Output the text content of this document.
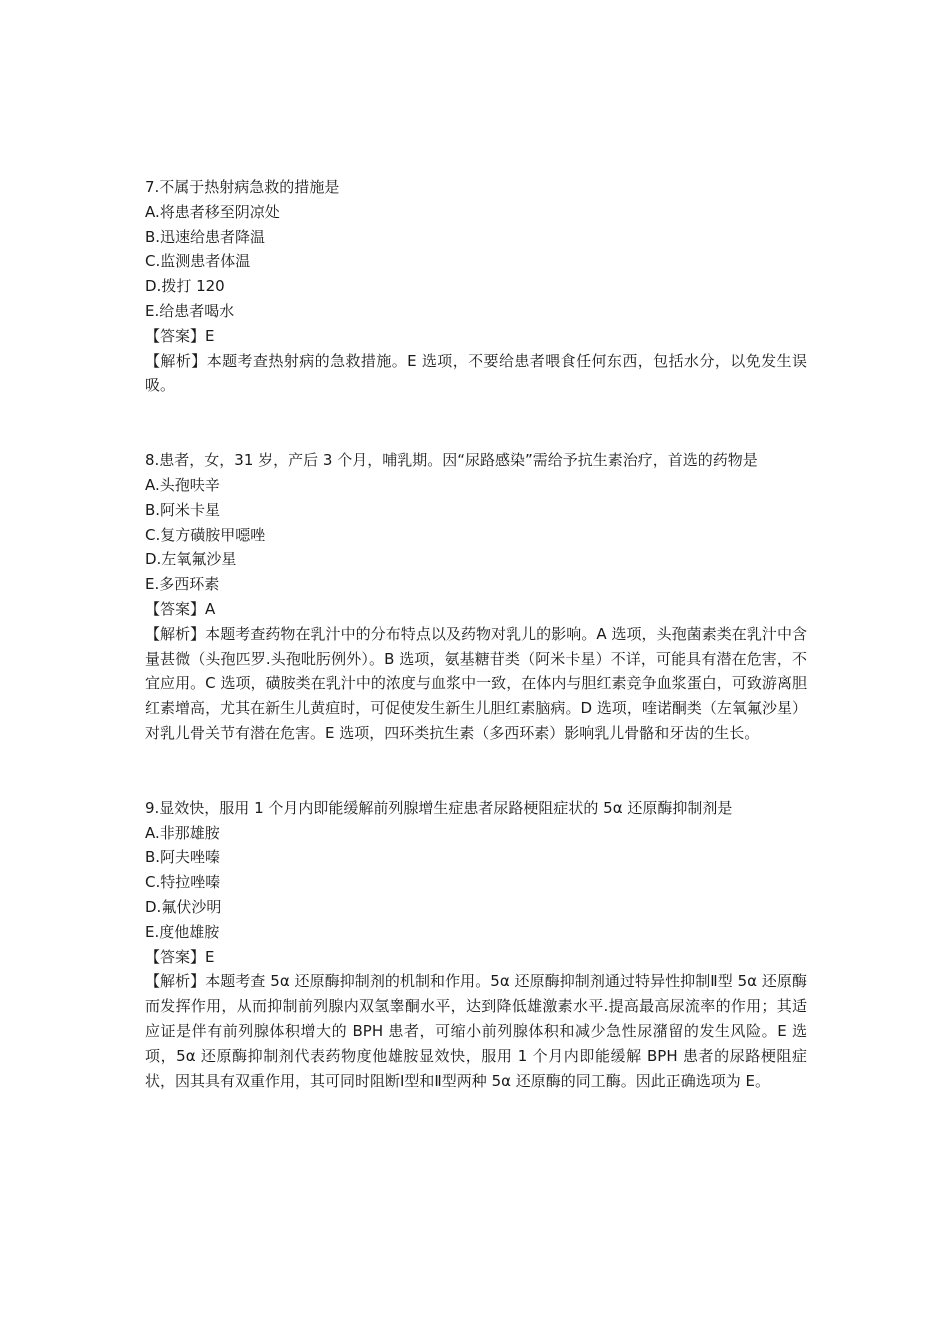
7.不属于热射病急救的措施是

A.将患者移至阴凉处

B.迅速给患者降温

C.监测患者体温

D.拨打 120

E.给患者喝水

【答案】E

【解析】本题考查热射病的急救措施。E 选项，不要给患者喂食任何东西，包括水分，以免发生误吸。

8.患者，女，31 岁，产后 3 个月，哺乳期。因“尿路感染”需给予抗生素治疗，首选的药物是

A.头孢呋辛

B.阿米卡星

C.复方磺胺甲噁唑

D.左氧氟沙星

E.多西环素

【答案】A

【解析】本题考查药物在乳汁中的分布特点以及药物对乳儿的影响。A 选项，头孢菌素类在乳汁中含量甚微（头孢匹罗.头孢吡肟例外）。B 选项，氨基糖苷类（阿米卡星）不详，可能具有潜在危害，不宜应用。C 选项，磺胺类在乳汁中的浓度与血浆中一致，在体内与胆红素竞争血浆蛋白，可致游离胆红素增高，尤其在新生儿黄疸时，可促使发生新生儿胆红素脑病。D 选项，喹诺酮类（左氧氟沙星）对乳儿骨关节有潜在危害。E 选项，四环类抗生素（多西环素）影响乳儿骨骼和牙齿的生长。

9.显效快，服用 1 个月内即能缓解前列腺增生症患者尿路梗阻症状的 5α 还原酶抑制剂是

A.非那雄胺

B.阿夫唑嗪

C.特拉唑嗪

D.氟伏沙明

E.度他雄胺

【答案】E

【解析】本题考查 5α 还原酶抑制剂的机制和作用。5α 还原酶抑制剂通过特异性抑制Ⅱ型 5α 还原酶而发挥作用，从而抑制前列腺内双氢睾酮水平，达到降低雄激素水平.提高最高尿流率的作用；其适应证是伴有前列腺体积增大的 BPH 患者，可缩小前列腺体积和减少急性尿潴留的发生风险。E 选项，5α 还原酶抑制剂代表药物度他雄胺显效快，服用 1 个月内即能缓解 BPH 患者的尿路梗阻症状，因其具有双重作用，其可同时阻断Ⅰ型和Ⅱ型两种 5α 还原酶的同工酶。因此正确选项为 E。
